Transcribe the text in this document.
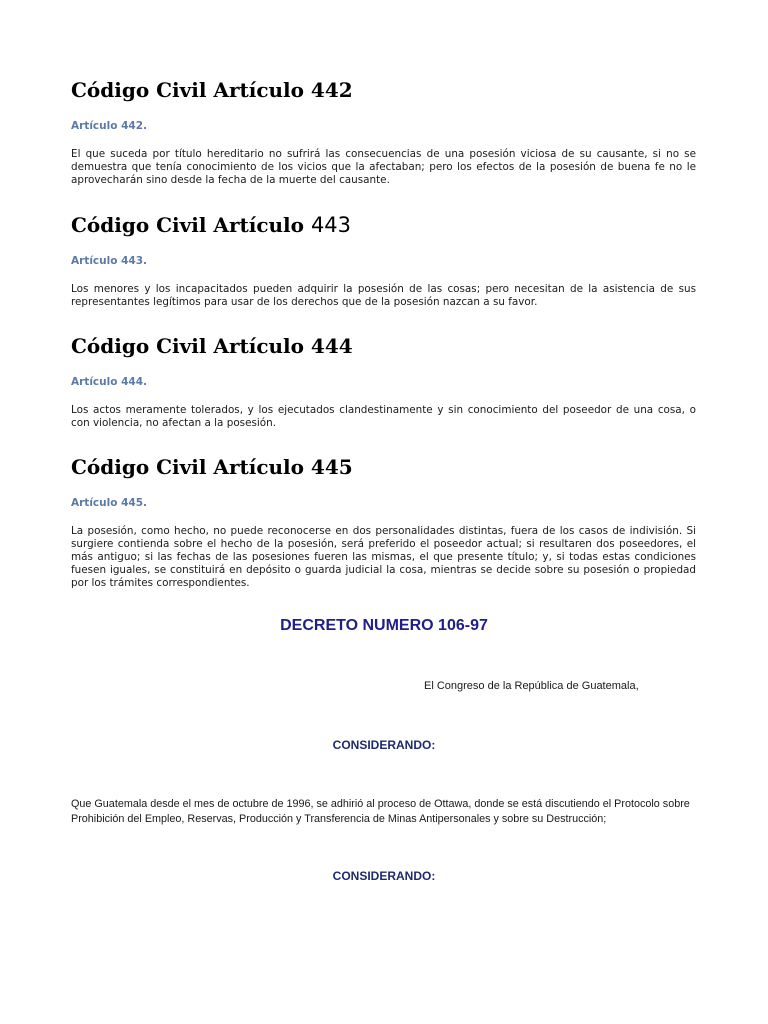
Código Civil Artículo 442

Artículo 442.

El que suceda por título hereditario no sufrirá las consecuencias de una posesión viciosa de su causante, si no se demuestra que tenía conocimiento de los vicios que la afectaban; pero los efectos de la posesión de buena fe no le aprovecharán sino desde la fecha de la muerte del causante.

Código Civil Artículo 443

Artículo 443.

Los menores y los incapacitados pueden adquirir la posesión de las cosas; pero necesitan de la asistencia de sus representantes legítimos para usar de los derechos que de la posesión nazcan a su favor.

Código Civil Artículo 444

Artículo 444.

Los actos meramente tolerados, y los ejecutados clandestinamente y sin conocimiento del poseedor de una cosa, o con violencia, no afectan a la posesión.

Código Civil Artículo 445

Artículo 445.

La posesión, como hecho, no puede reconocerse en dos personalidades distintas, fuera de los casos de indivisión. Si surgiere contienda sobre el hecho de la posesión, será preferido el poseedor actual; si resultaren dos poseedores, el más antiguo; si las fechas de las posesiones fueren las mismas, el que presente título; y, si todas estas condiciones fuesen iguales, se constituirá en depósito o guarda judicial la cosa, mientras se decide sobre su posesión o propiedad por los trámites correspondientes.

DECRETO NUMERO 106-97
El Congreso de la República de Guatemala,
CONSIDERANDO:
Que Guatemala desde el mes de octubre de 1996, se adhirió al proceso de Ottawa, donde se está discutiendo el Protocolo sobre Prohibición del Empleo, Reservas, Producción y Transferencia de Minas Antipersonales y sobre su Destrucción;
CONSIDERANDO:
